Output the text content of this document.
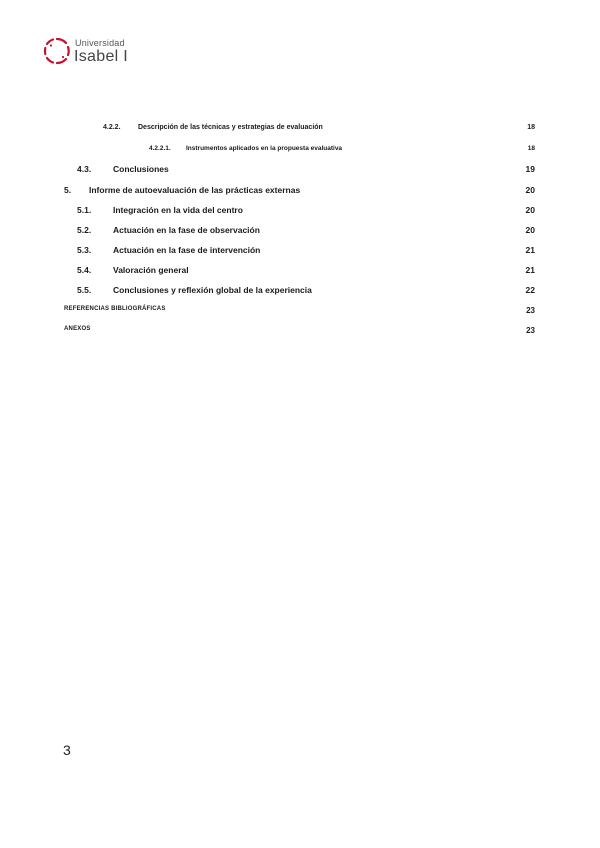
Universidad
Isabel I
4.2.2. Descripción de las técnicas y estrategias de evaluación	18
4.2.2.1. Instrumentos aplicados en la propuesta evaluativa	18
4.3.	Conclusiones	19
5. Informe de autoevaluación de las prácticas externas	20
5.1.	Integración en la vida del centro	20
5.2.	Actuación en la fase de observación	20
5.3.	Actuación en la fase de intervención	21
5.4.	Valoración general	21
5.5.	Conclusiones y reflexión global de la experiencia	22
REFERENCIAS BIBLIOGRÁFICAS	23
ANEXOS	23
3
